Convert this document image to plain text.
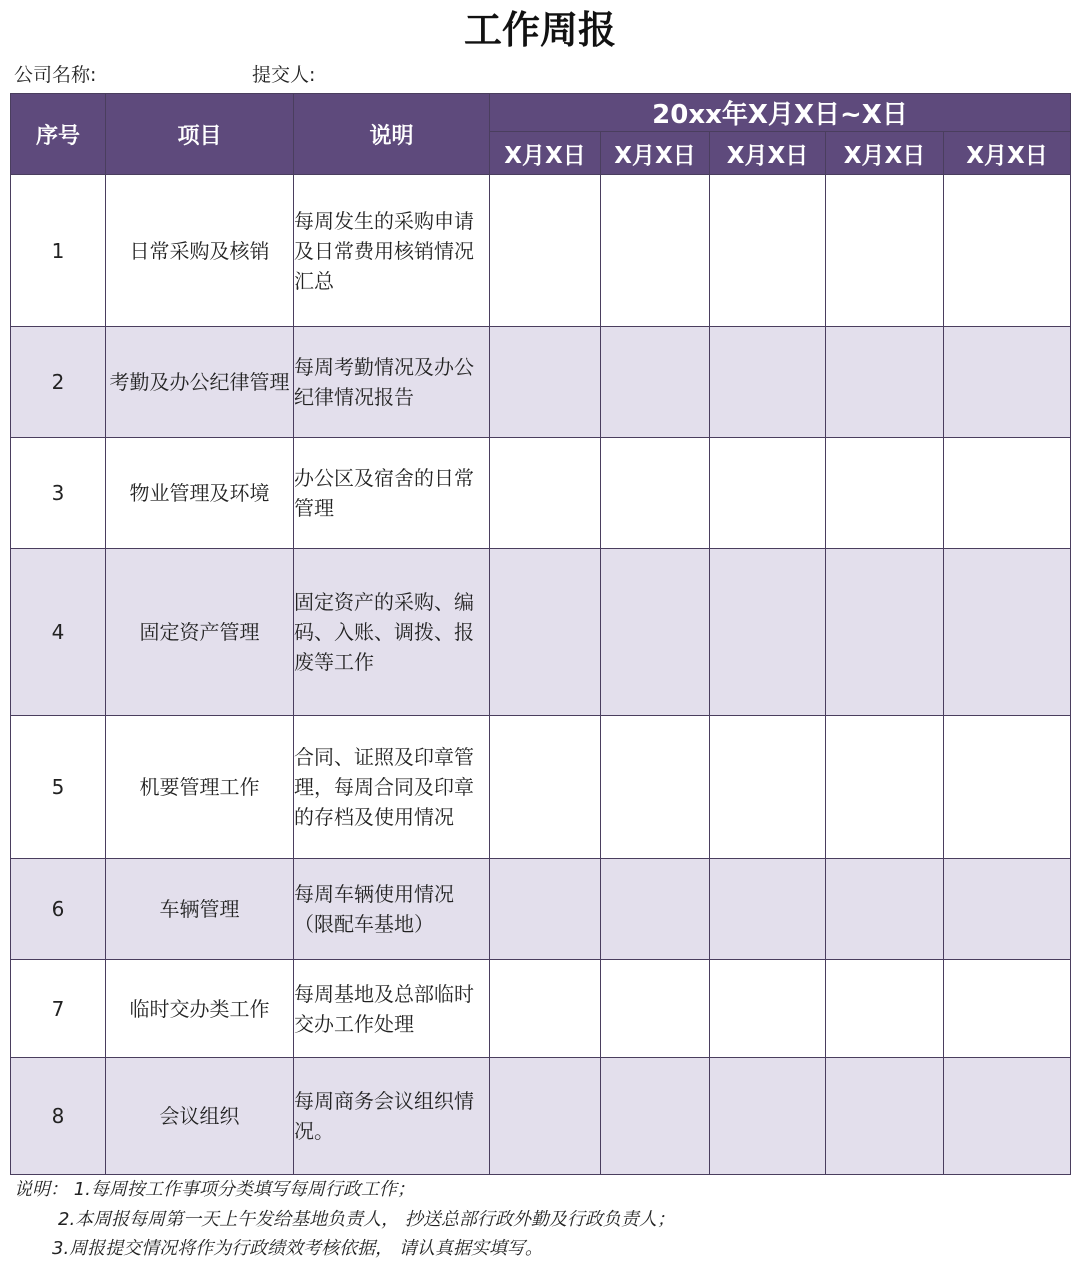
工作周报
公司名称:	提交人:
序号	项目	说明	20xx年X月X日~X日				
			X月X日	X月X日	X月X日	X月X日	X月X日
1	日常采购及核销	每周发生的采购申请及日常费用核销情况汇总					
2	考勤及办公纪律管理	每周考勤情况及办公纪律情况报告					
3	物业管理及环境	办公区及宿舍的日常管理					
4	固定资产管理	固定资产的采购、编码、入账、调拨、报废等工作					
5	机要管理工作	合同、证照及印章管理，每周合同及印章的存档及使用情况					
6	车辆管理	每周车辆使用情况（限配车基地）					
7	临时交办类工作	每周基地及总部临时交办工作处理					
8	会议组织	每周商务会议组织情况。					
说明： 1.每周按工作事项分类填写每周行政工作；
2.本周报每周第一天上午发给基地负责人， 抄送总部行政外勤及行政负责人；
3.周报提交情况将作为行政绩效考核依据， 请认真据实填写。
